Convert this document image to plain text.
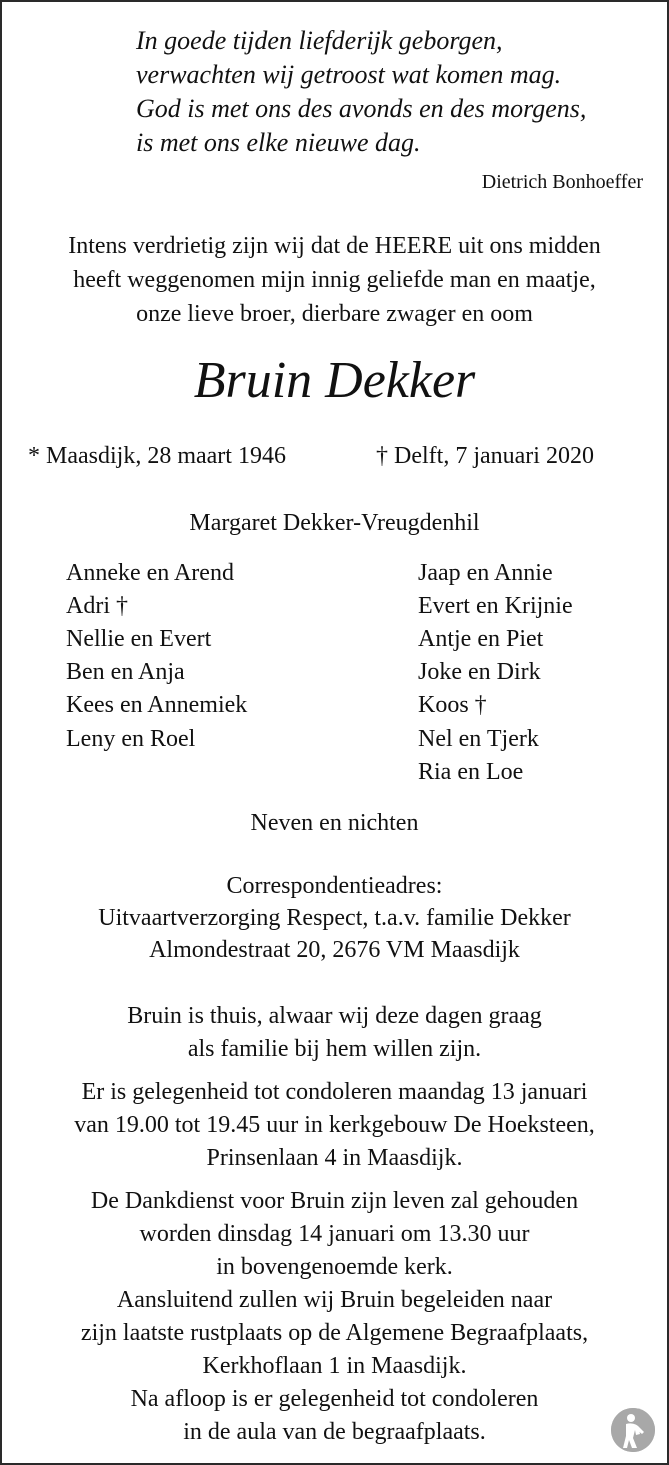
In goede tijden liefderijk geborgen,
verwachten wij getroost wat komen mag.
God is met ons des avonds en des morgens,
is met ons elke nieuwe dag.
Dietrich Bonhoeffer
Intens verdrietig zijn wij dat de HEERE uit ons midden
heeft weggenomen mijn innig geliefde man en maatje,
onze lieve broer, dierbare zwager en oom
Bruin Dekker
* Maasdijk, 28 maart 1946	† Delft, 7 januari 2020
Margaret Dekker-Vreugdenhil
Anneke en Arend
Adri †
Nellie en Evert
Ben en Anja
Kees en Annemiek
Leny en Roel
Jaap en Annie
Evert en Krijnie
Antje en Piet
Joke en Dirk
Koos †
Nel en Tjerk
Ria en Loe
Neven en nichten
Correspondentieadres:
Uitvaartverzorging Respect, t.a.v. familie Dekker
Almondestraat 20, 2676 VM Maasdijk
Bruin is thuis, alwaar wij deze dagen graag
als familie bij hem willen zijn.
Er is gelegenheid tot condoleren maandag 13 januari
van 19.00 tot 19.45 uur in kerkgebouw De Hoeksteen,
Prinsenlaan 4 in Maasdijk.
De Dankdienst voor Bruin zijn leven zal gehouden
worden dinsdag 14 januari om 13.30 uur
in bovengenoemde kerk.
Aansluitend zullen wij Bruin begeleiden naar
zijn laatste rustplaats op de Algemene Begraafplaats,
Kerkhoflaan 1 in Maasdijk.
Na afloop is er gelegenheid tot condoleren
in de aula van de begraafplaats.
